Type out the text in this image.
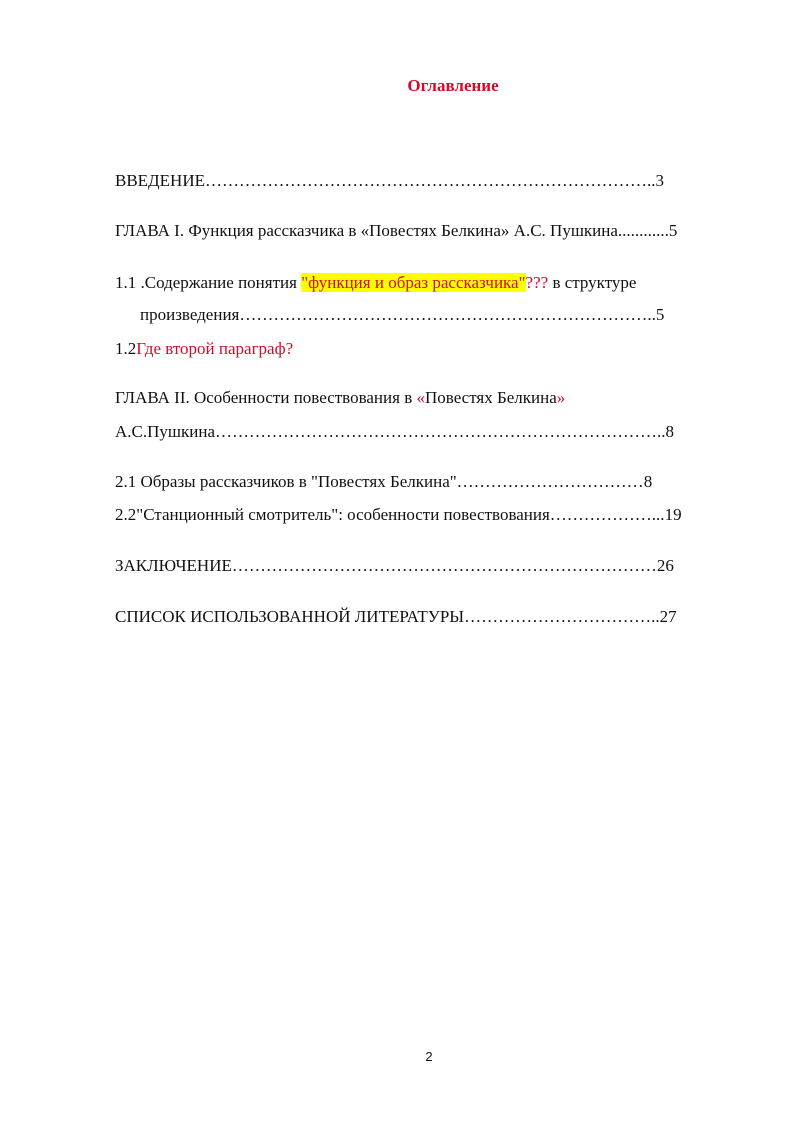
Оглавление
ВВЕДЕНИЕ……………………………………………………………………..3
ГЛАВА I. Функция рассказчика в «Повестях Белкина» А.С. Пушкина............5
1.1 .Содержание понятия "функция и образ рассказчика"??? в структуре
произведения………………………………………………………………..5
1.2Где второй параграф?
ГЛАВА II. Особенности повествования в «Повестях Белкина»
А.С.Пушкина……………………………………………………………………..8
2.1 Образы рассказчиков в "Повестях Белкина"……………………………8
2.2"Станционный смотритель": особенности повествования………………...19
ЗАКЛЮЧЕНИЕ…………………………………………………………………26
СПИСОК ИСПОЛЬЗОВАННОЙ ЛИТЕРАТУРЫ……………………………..27
2
